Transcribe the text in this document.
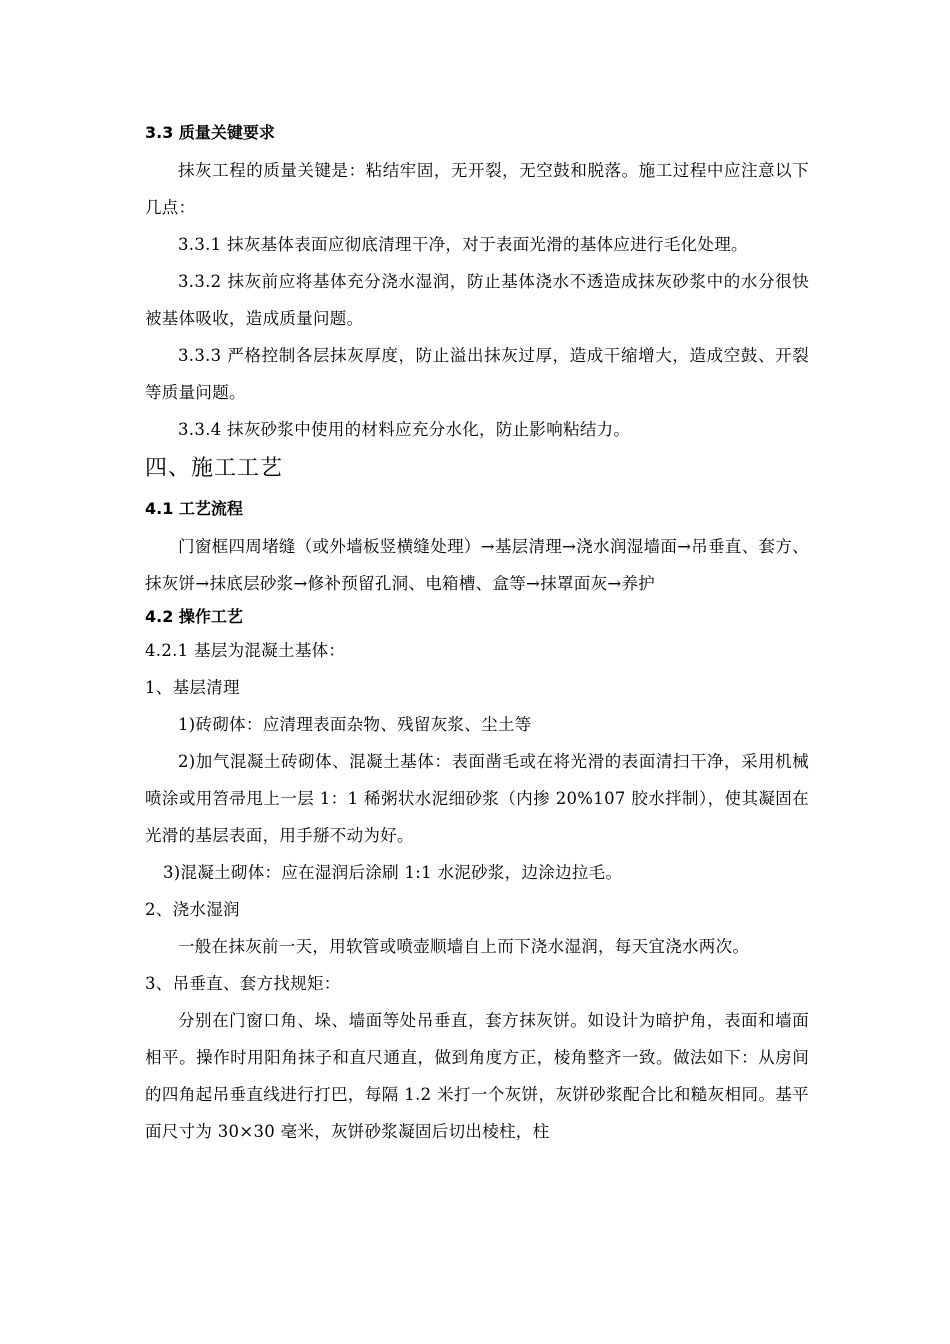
3.3 质量关键要求

抹灰工程的质量关键是：粘结牢固，无开裂，无空鼓和脱落。施工过程中应注意以下几点：

3.3.1 抹灰基体表面应彻底清理干净，对于表面光滑的基体应进行毛化处理。

3.3.2 抹灰前应将基体充分浇水湿润，防止基体浇水不透造成抹灰砂浆中的水分很快被基体吸收，造成质量问题。

3.3.3 严格控制各层抹灰厚度，防止溢出抹灰过厚，造成干缩增大，造成空鼓、开裂等质量问题。

3.3.4 抹灰砂浆中使用的材料应充分水化，防止影响粘结力。

四、施工工艺

4.1 工艺流程

门窗框四周堵缝（或外墙板竖横缝处理）→基层清理→浇水润湿墙面→吊垂直、套方、抹灰饼→抹底层砂浆→修补预留孔洞、电箱槽、盒等→抹罩面灰→养护

4.2 操作工艺

4.2.1 基层为混凝土基体：

1、基层清理

1)砖砌体：应清理表面杂物、残留灰浆、尘土等

2)加气混凝土砖砌体、混凝土基体：表面凿毛或在将光滑的表面清扫干净，采用机械喷涂或用笤帚甩上一层 1：1 稀粥状水泥细砂浆（内掺 20%107 胶水拌制），使其凝固在光滑的基层表面，用手掰不动为好。

3)混凝土砌体：应在湿润后涂刷 1:1 水泥砂浆，边涂边拉毛。

2、浇水湿润

一般在抹灰前一天，用软管或喷壶顺墙自上而下浇水湿润，每天宜浇水两次。

3、吊垂直、套方找规矩：

分别在门窗口角、垛、墙面等处吊垂直，套方抹灰饼。如设计为暗护角，表面和墙面相平。操作时用阳角抹子和直尺通直，做到角度方正，棱角整齐一致。做法如下：从房间的四角起吊垂直线进行打巴，每隔 1.2 米打一个灰饼，灰饼砂浆配合比和糙灰相同。基平面尺寸为 30×30 毫米，灰饼砂浆凝固后切出棱柱，柱
